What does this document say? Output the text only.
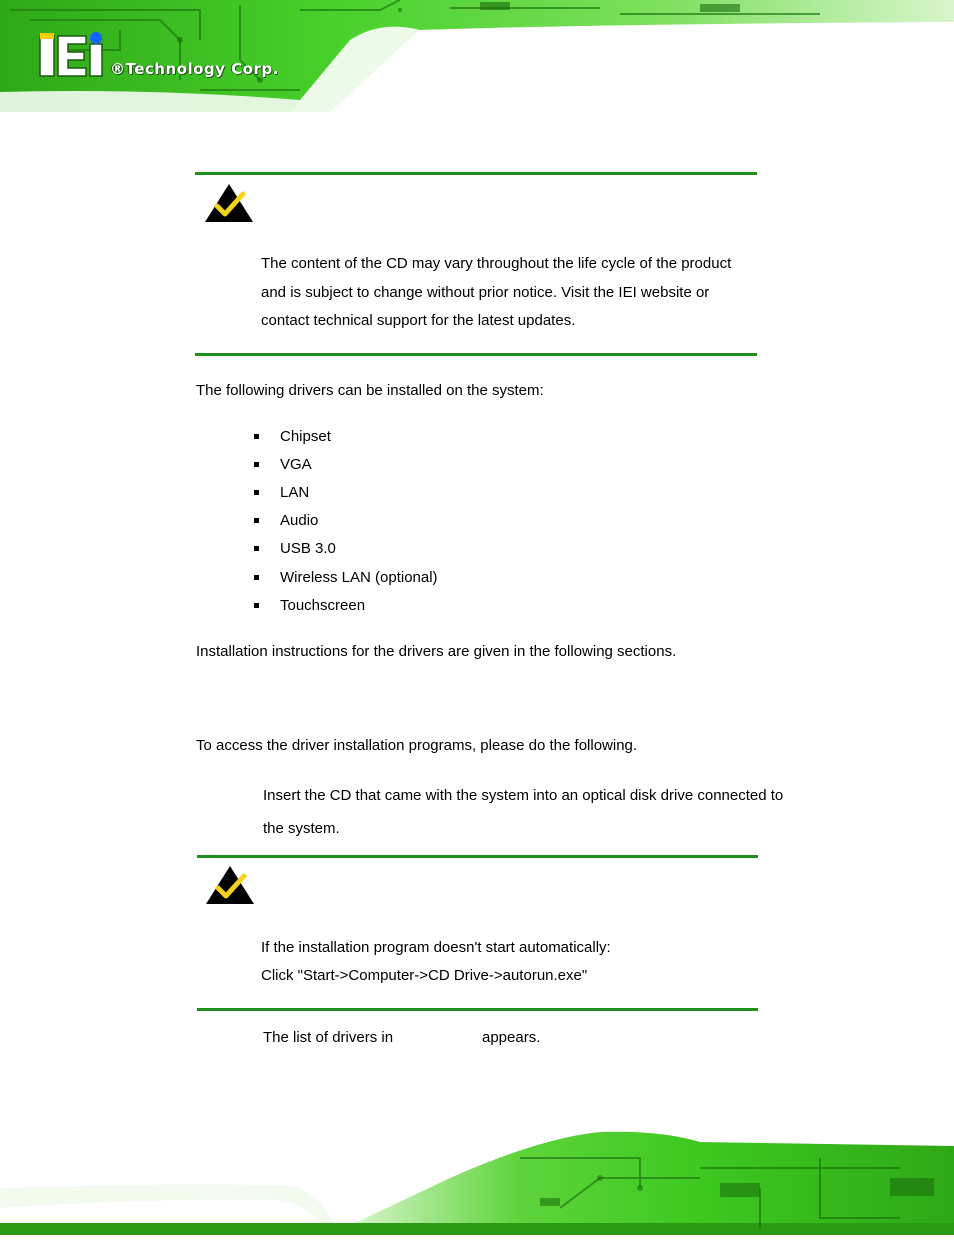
®Technology Corp.
The content of the CD may vary throughout the life cycle of the product
and is subject to change without prior notice. Visit the IEI website or
contact technical support for the latest updates.
The following drivers can be installed on the system:
Chipset
VGA
LAN
Audio
USB 3.0
Wireless LAN (optional)
Touchscreen
Installation instructions for the drivers are given in the following sections.
To access the driver installation programs, please do the following.
Insert the CD that came with the system into an optical disk drive connected to
the system.
If the installation program doesn't start automatically:
Click "Start->Computer->CD Drive->autorun.exe"
The list of drivers in	appears.
